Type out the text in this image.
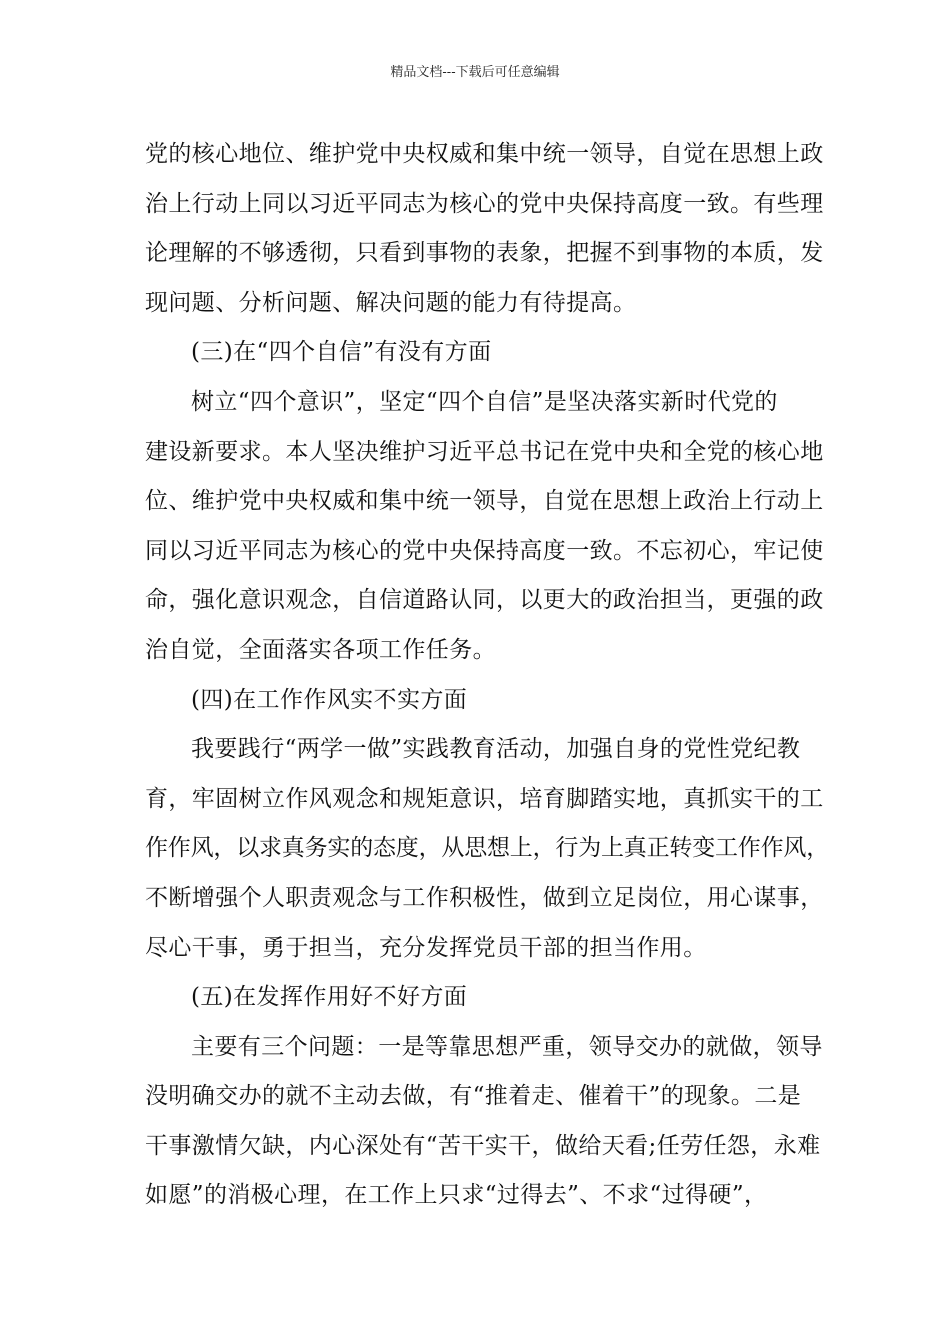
精品文档---下载后可任意编辑
党的核心地位、维护党中央权威和集中统一领导，自觉在思想上政
治上行动上同以习近平同志为核心的党中央保持高度一致。有些理
论理解的不够透彻，只看到事物的表象，把握不到事物的本质，发
现问题、分析问题、解决问题的能力有待提高。
(三)在“四个自信”有没有方面
树立“四个意识”，坚定“四个自信”是坚决落实新时代党的
建设新要求。本人坚决维护习近平总书记在党中央和全党的核心地
位、维护党中央权威和集中统一领导，自觉在思想上政治上行动上
同以习近平同志为核心的党中央保持高度一致。不忘初心，牢记使
命，强化意识观念，自信道路认同，以更大的政治担当，更强的政
治自觉，全面落实各项工作任务。
(四)在工作作风实不实方面
我要践行“两学一做”实践教育活动，加强自身的党性党纪教
育，牢固树立作风观念和规矩意识，培育脚踏实地，真抓实干的工
作作风，以求真务实的态度，从思想上，行为上真正转变工作作风，
不断增强个人职责观念与工作积极性，做到立足岗位，用心谋事，
尽心干事，勇于担当，充分发挥党员干部的担当作用。
(五)在发挥作用好不好方面
主要有三个问题：一是等靠思想严重，领导交办的就做，领导
没明确交办的就不主动去做，有“推着走、催着干”的现象。二是
干事激情欠缺，内心深处有“苦干实干，做给天看;任劳任怨，永难
如愿”的消极心理，在工作上只求“过得去”、不求“过得硬”，
